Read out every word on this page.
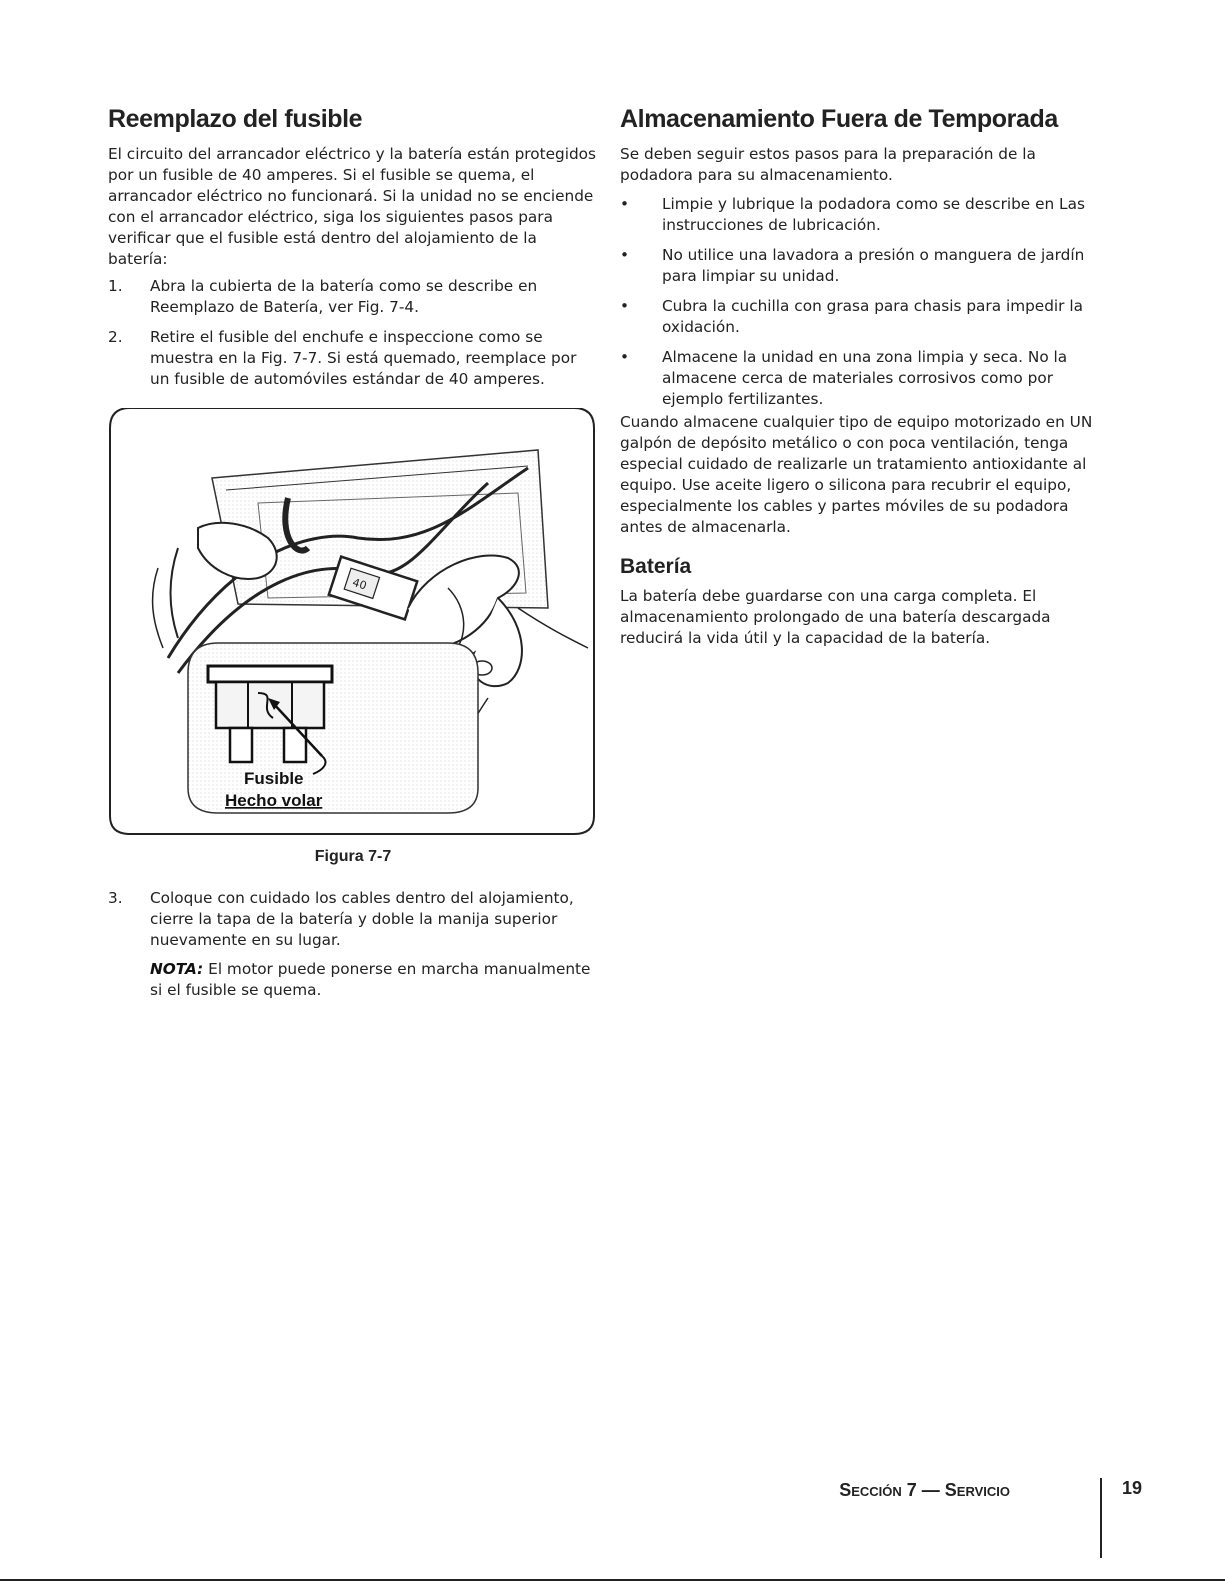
Reemplazo del fusible

El circuito del arrancador eléctrico y la batería están protegidos por un fusible de 40 amperes. Si el fusible se quema, el arrancador eléctrico no funcionará. Si la unidad no se enciende con el arrancador eléctrico, siga los siguientes pasos para verificar que el fusible está dentro del alojamiento de la batería:

1. Abra la cubierta de la batería como se describe en Reemplazo de Batería, ver Fig. 7-4.
2. Retire el fusible del enchufe e inspeccione como se muestra en la Fig. 7-7. Si está quemado, reemplace por un fusible de automóviles estándar de 40 amperes.
40
Fusible
Hecho volar
Figura 7-7
3. Coloque con cuidado los cables dentro del alojamiento, cierre la tapa de la batería y doble la manija superior nuevamente en su lugar.
NOTA: El motor puede ponerse en marcha manualmente si el fusible se quema.
Almacenamiento Fuera de Temporada

Se deben seguir estos pasos para la preparación de la podadora para su almacenamiento.

• Limpie y lubrique la podadora como se describe en Las instrucciones de lubricación.
• No utilice una lavadora a presión o manguera de jardín para limpiar su unidad.
• Cubra la cuchilla con grasa para chasis para impedir la oxidación.
• Almacene la unidad en una zona limpia y seca. No la almacene cerca de materiales corrosivos como por ejemplo fertilizantes.

Cuando almacene cualquier tipo de equipo motorizado en UN galpón de depósito metálico o con poca ventilación, tenga especial cuidado de realizarle un tratamiento antioxidante al equipo. Use aceite ligero o silicona para recubrir el equipo, especialmente los cables y partes móviles de su podadora antes de almacenarla.

Batería

La batería debe guardarse con una carga completa. El almacenamiento prolongado de una batería descargada reducirá la vida útil y la capacidad de la batería.

Sección 7 — Servicio	19
